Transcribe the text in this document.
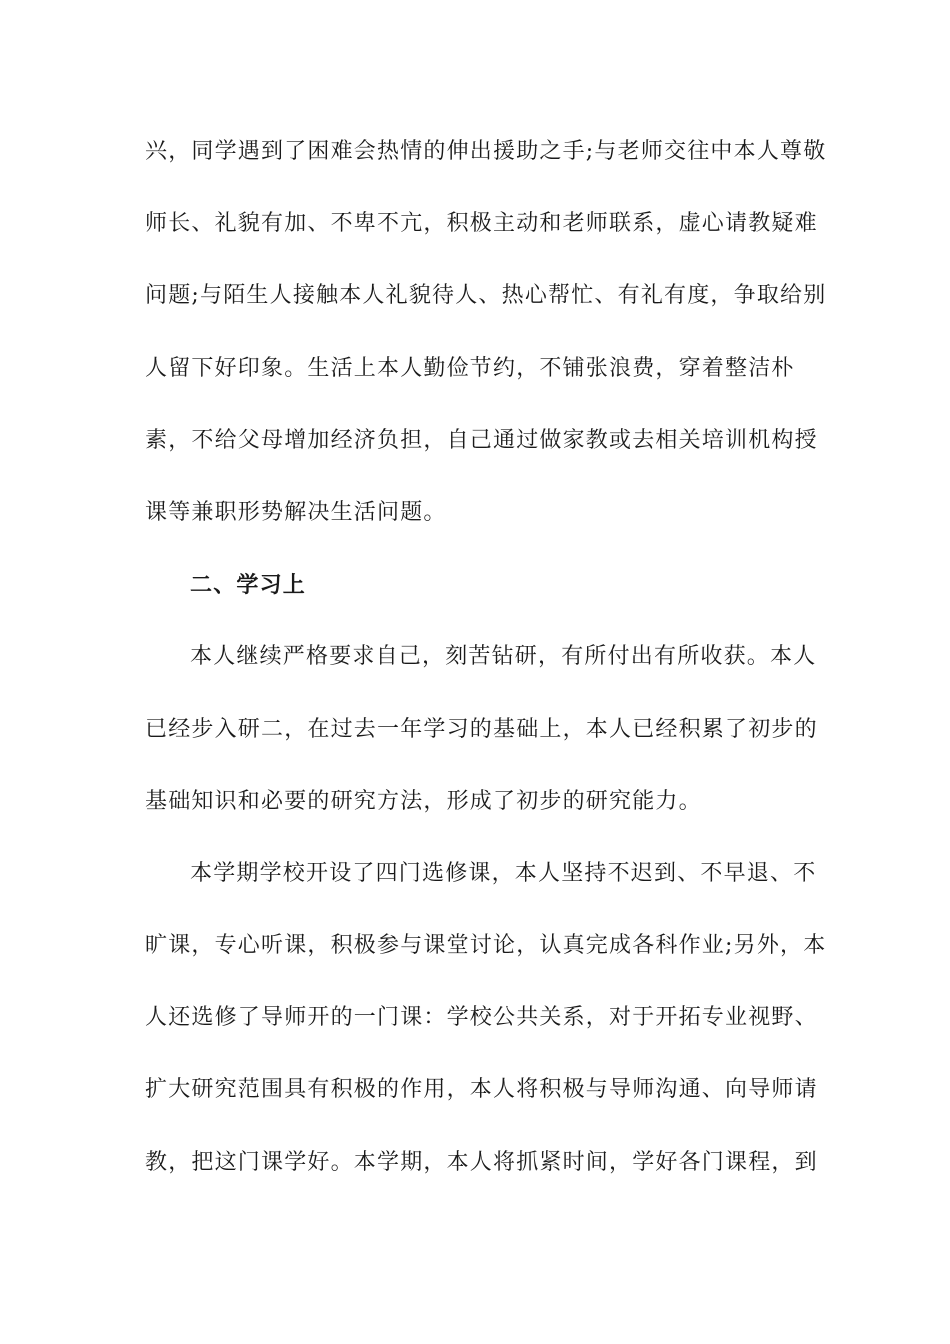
兴，同学遇到了困难会热情的伸出援助之手;与老师交往中本人尊敬
师长、礼貌有加、不卑不亢，积极主动和老师联系，虚心请教疑难
问题;与陌生人接触本人礼貌待人、热心帮忙、有礼有度，争取给别
人留下好印象。生活上本人勤俭节约，不铺张浪费，穿着整洁朴
素，不给父母增加经济负担，自己通过做家教或去相关培训机构授
课等兼职形势解决生活问题。
二、学习上
本人继续严格要求自己，刻苦钻研，有所付出有所收获。本人
已经步入研二，在过去一年学习的基础上，本人已经积累了初步的
基础知识和必要的研究方法，形成了初步的研究能力。
本学期学校开设了四门选修课，本人坚持不迟到、不早退、不
旷课，专心听课，积极参与课堂讨论，认真完成各科作业;另外，本
人还选修了导师开的一门课：学校公共关系，对于开拓专业视野、
扩大研究范围具有积极的作用，本人将积极与导师沟通、向导师请
教，把这门课学好。本学期，本人将抓紧时间，学好各门课程，到
